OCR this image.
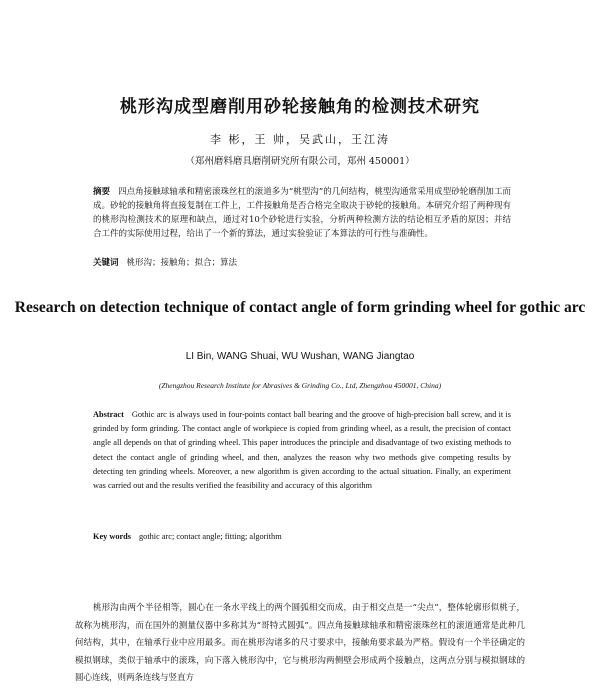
桃形沟成型磨削用砂轮接触角的检测技术研究
李 彬，王 帅，吴武山，王江涛
（郑州磨料磨具磨削研究所有限公司，郑州 450001）
摘要 四点角接触球轴承和精密滚珠丝杠的滚道多为“桃型沟”的几何结构，桃型沟通常采用成型砂轮磨削加工而成。砂轮的接触角将直接复制在工件上，工件接触角是否合格完全取决于砂轮的接触角。本研究介绍了两种现有的桃形沟检测技术的原理和缺点，通过对10个砂轮进行实验，分析两种检测方法的结论相互矛盾的原因；并结合工件的实际使用过程，给出了一个新的算法，通过实验验证了本算法的可行性与准确性。
关键词 桃形沟；接触角；拟合；算法
Research on detection technique of contact angle of form grinding wheel for gothic arc
LI Bin, WANG Shuai, WU Wushan, WANG Jiangtao
(Zhengzhou Research Institute for Abrasives & Grinding Co., Ltd, Zhengzhou 450001, China)
Abstract Gothic arc is always used in four-points contact ball bearing and the groove of high-precision ball screw, and it is grinded by form grinding. The contact angle of workpiece is copied from grinding wheel, as a result, the precision of contact angle all depends on that of grinding wheel. This paper introduces the principle and disadvantage of two existing methods to detect the contact angle of grinding wheel, and then, analyzes the reason why two methods give competing results by detecting ten grinding wheels. Moreover, a new algorithm is given according to the actual situation. Finally, an experiment was carried out and the results verified the feasibility and accuracy of this algorithm
Key words gothic arc; contact angle; fitting; algorithm
桃形沟由两个半径相等，圆心在一条水平线上的两个圆弧相交而成，由于相交点是一“尖点”，整体轮廓形似桃子，故称为桃形沟，而在国外的测量仪器中多称其为“哥特式圆弧”。四点角接触球轴承和精密滚珠丝杠的滚道通常是此种几何结构，其中，在轴承行业中应用最多。而在桃形沟诸多的尺寸要求中，接触角要求最为严格。假设有一个半径确定的模拟钢球，类似于轴承中的滚珠，向下落入桃形沟中，它与桃形沟两侧壁会形成两个接触点，这两点分别与模拟钢球的圆心连线，则两条连线与竖直方
